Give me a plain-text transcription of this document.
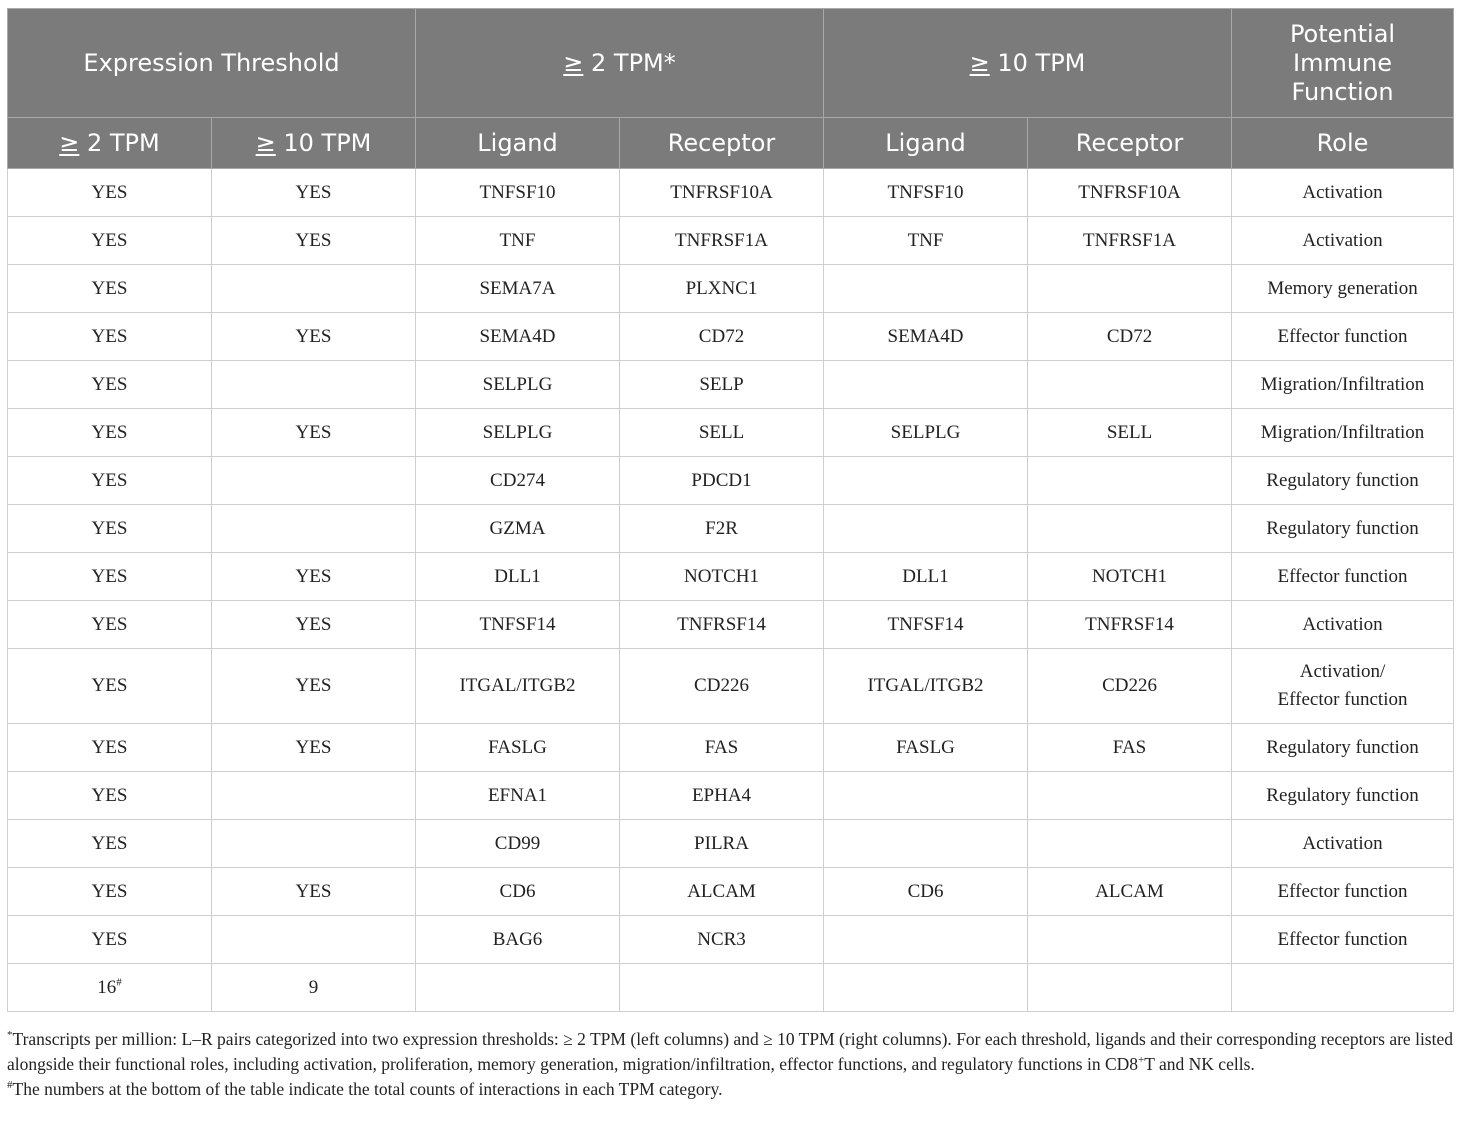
Expression Threshold		≥ 2 TPM*		≥ 10 TPM		Potential Immune Function
≥ 2 TPM	≥ 10 TPM	Ligand	Receptor	Ligand	Receptor	Role
YES	YES	TNFSF10	TNFRSF10A	TNFSF10	TNFRSF10A	Activation
YES	YES	TNF	TNFRSF1A	TNF	TNFRSF1A	Activation
YES		SEMA7A	PLXNC1			Memory generation
YES	YES	SEMA4D	CD72	SEMA4D	CD72	Effector function
YES		SELPLG	SELP			Migration/Infiltration
YES	YES	SELPLG	SELL	SELPLG	SELL	Migration/Infiltration
YES		CD274	PDCD1			Regulatory function
YES		GZMA	F2R			Regulatory function
YES	YES	DLL1	NOTCH1	DLL1	NOTCH1	Effector function
YES	YES	TNFSF14	TNFRSF14	TNFSF14	TNFRSF14	Activation
YES	YES	ITGAL/ITGB2	CD226	ITGAL/ITGB2	CD226	Activation/ Effector function
YES	YES	FASLG	FAS	FASLG	FAS	Regulatory function
YES		EFNA1	EPHA4			Regulatory function
YES		CD99	PILRA			Activation
YES	YES	CD6	ALCAM	CD6	ALCAM	Effector function
YES		BAG6	NCR3			Effector function
16#	9					

*Transcripts per million: L–R pairs categorized into two expression thresholds: ≥ 2 TPM (left columns) and ≥ 10 TPM (right columns). For each threshold, ligands and their corresponding receptors are listed alongside their functional roles, including activation, proliferation, memory generation, migration/infiltration, effector functions, and regulatory functions in CD8+T and NK cells.

#The numbers at the bottom of the table indicate the total counts of interactions in each TPM category.
